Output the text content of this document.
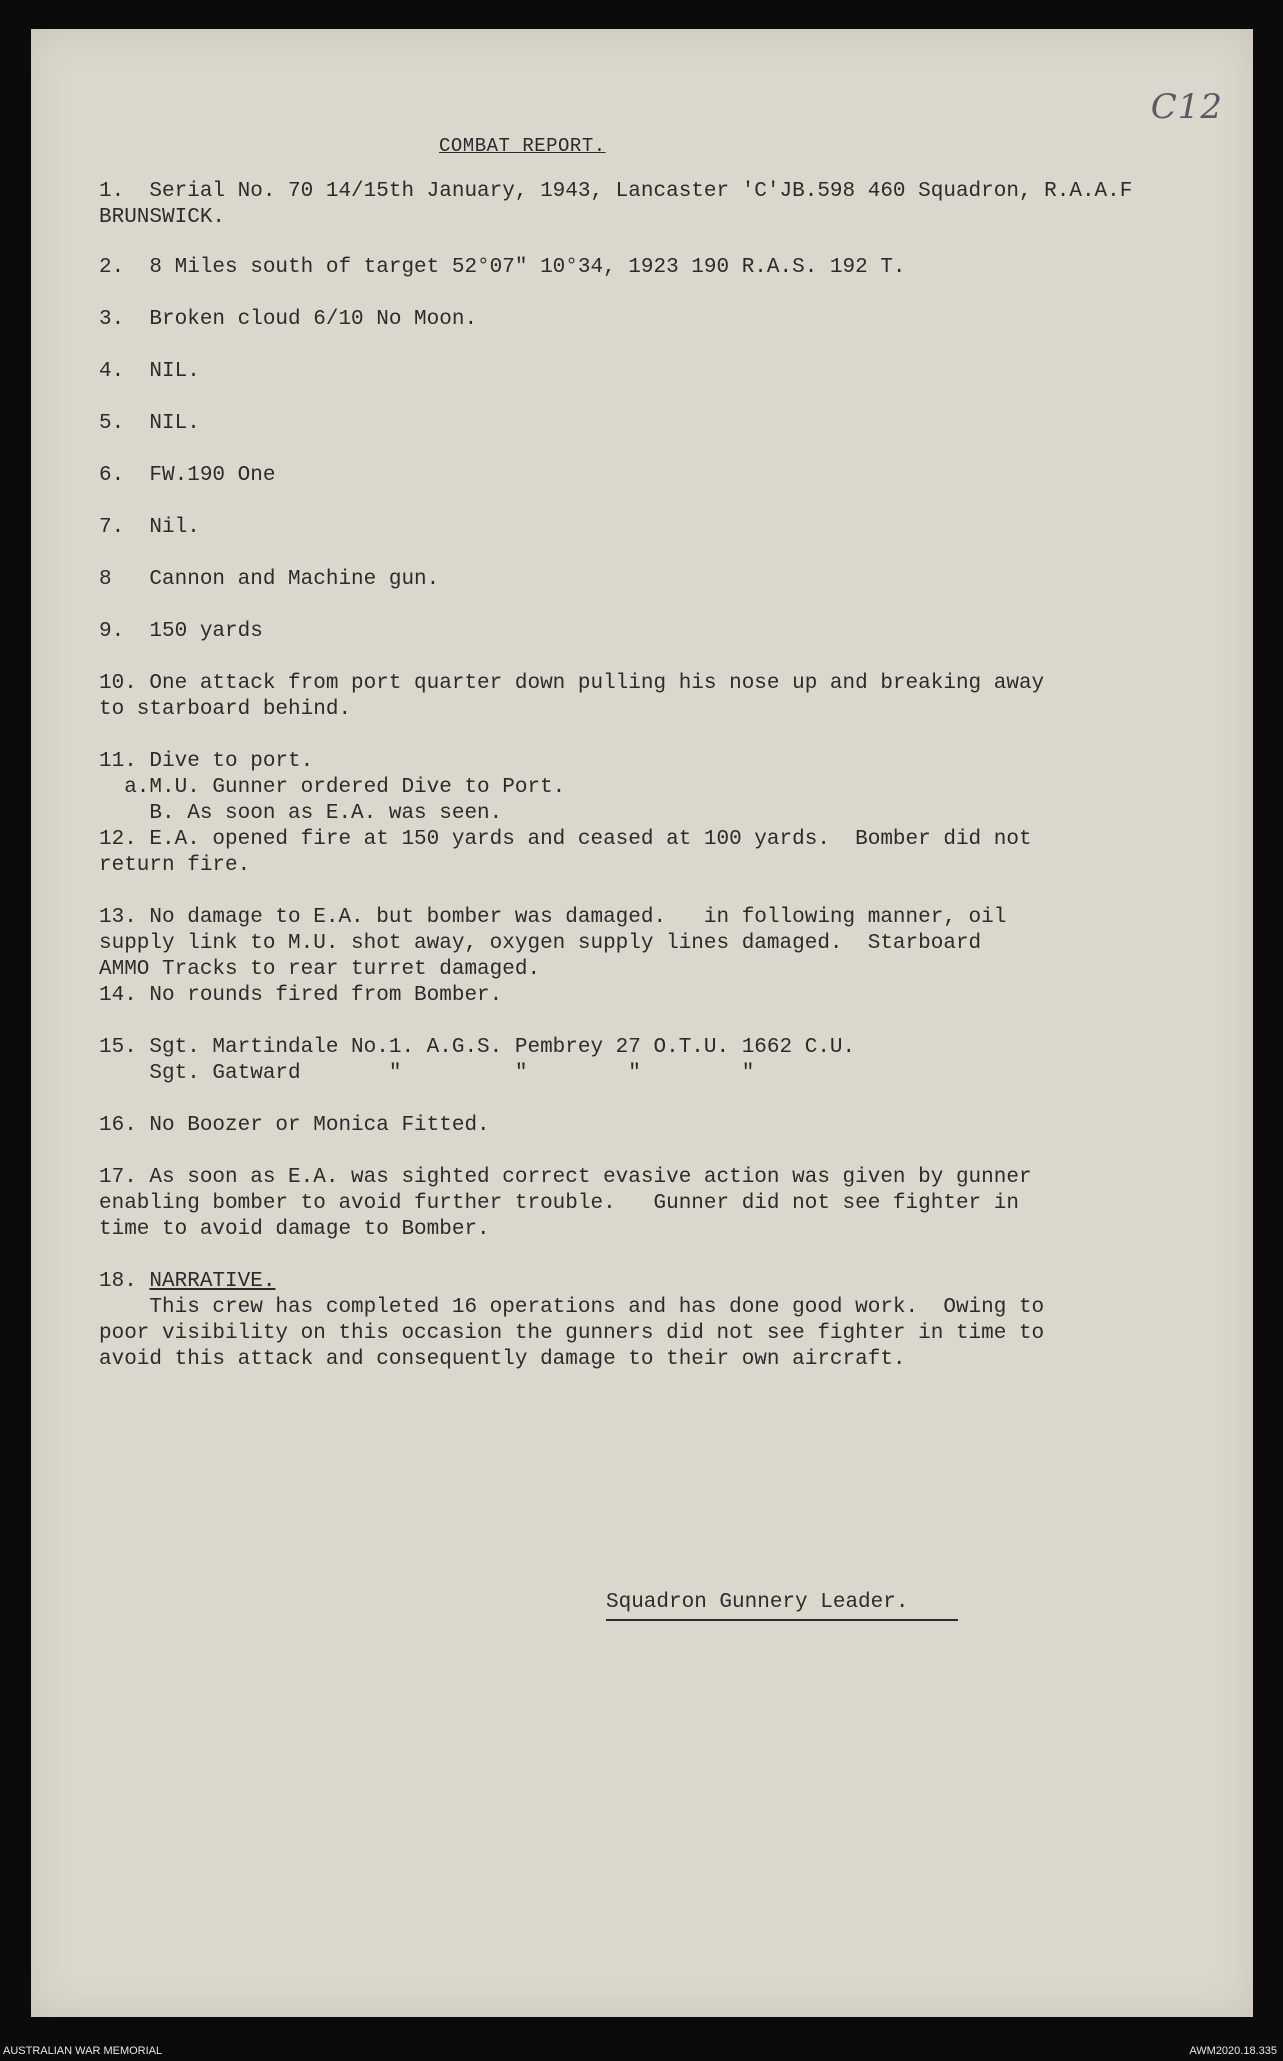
C12
COMBAT REPORT.
1.  Serial No. 70 14/15th January, 1943, Lancaster 'C'JB.598 460 Squadron, R.A.A.F
BRUNSWICK.
2.  8 Miles south of target 52°07" 10°34, 1923 190 R.A.S. 192 T.
3.  Broken cloud 6/10 No Moon.
4.  NIL.
5.  NIL.
6.  FW.190 One
7.  Nil.
8   Cannon and Machine gun.
9.  150 yards
10. One attack from port quarter down pulling his nose up and breaking away
to starboard behind.
11. Dive to port.
a.M.U. Gunner ordered Dive to Port.
B. As soon as E.A. was seen.
12. E.A. opened fire at 150 yards and ceased at 100 yards.  Bomber did not
return fire.
13. No damage to E.A. but bomber was damaged.   in following manner, oil
supply link to M.U. shot away, oxygen supply lines damaged.  Starboard
AMMO Tracks to rear turret damaged.
14. No rounds fired from Bomber.
15. Sgt. Martindale No.1. A.G.S. Pembrey 27 O.T.U. 1662 C.U.
Sgt. Gatward       "         "        "        "
16. No Boozer or Monica Fitted.
17. As soon as E.A. was sighted correct evasive action was given by gunner
enabling bomber to avoid further trouble.   Gunner did not see fighter in
time to avoid damage to Bomber.
18. NARRATIVE.
This crew has completed 16 operations and has done good work.  Owing to
poor visibility on this occasion the gunners did not see fighter in time to
avoid this attack and consequently damage to their own aircraft.
Squadron Gunnery Leader.
AUSTRALIAN WAR MEMORIAL	AWM2020.18.335
